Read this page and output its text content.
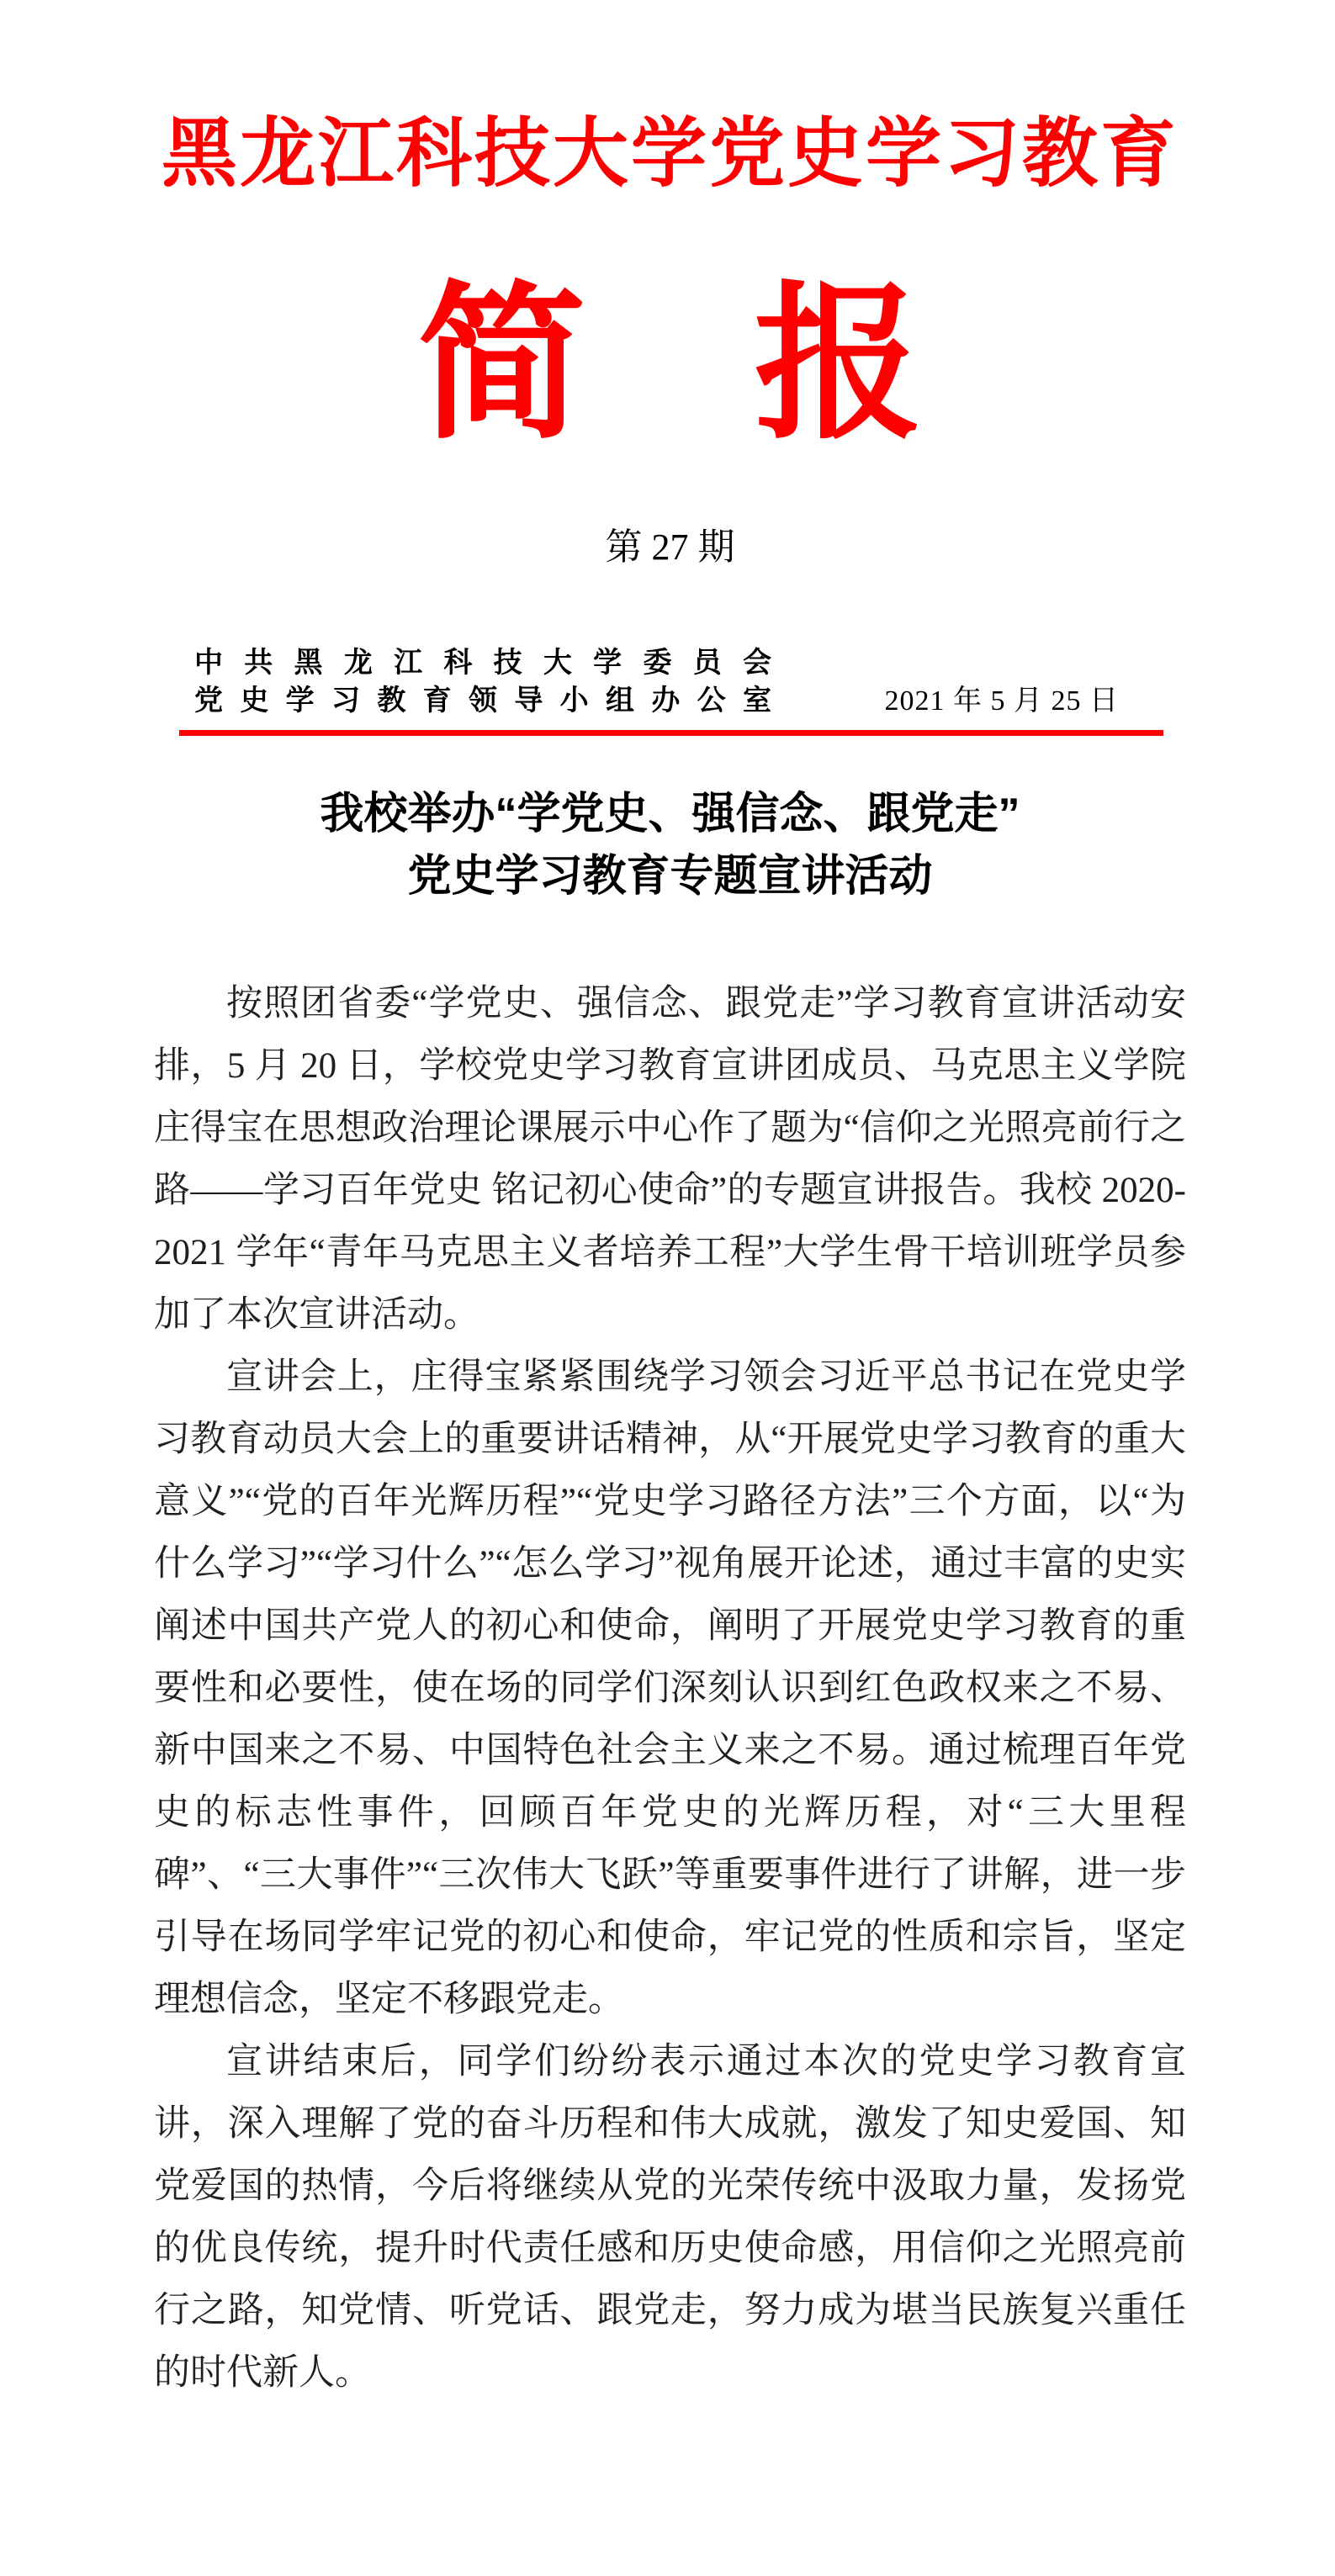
黑龙江科技大学党史学习教育
简　报
第 27 期
中共黑龙江科技大学委员会
党史学习教育领导小组办公室	2021 年 5 月 25 日
我校举办“学党史、强信念、跟党走”
党史学习教育专题宣讲活动

按照团省委“学党史、强信念、跟党走”学习教育宣讲活动安排，5 月 20 日，学校党史学习教育宣讲团成员、马克思主义学院庄得宝在思想政治理论课展示中心作了题为“信仰之光照亮前行之路——学习百年党史 铭记初心使命”的专题宣讲报告。我校 2020-2021 学年“青年马克思主义者培养工程”大学生骨干培训班学员参加了本次宣讲活动。

宣讲会上，庄得宝紧紧围绕学习领会习近平总书记在党史学习教育动员大会上的重要讲话精神，从“开展党史学习教育的重大意义”“党的百年光辉历程”“党史学习路径方法”三个方面，以“为什么学习”“学习什么”“怎么学习”视角展开论述，通过丰富的史实阐述中国共产党人的初心和使命，阐明了开展党史学习教育的重要性和必要性，使在场的同学们深刻认识到红色政权来之不易、新中国来之不易、中国特色社会主义来之不易。通过梳理百年党史的标志性事件，回顾百年党史的光辉历程，对“三大里程碑”、“三大事件”“三次伟大飞跃”等重要事件进行了讲解，进一步引导在场同学牢记党的初心和使命，牢记党的性质和宗旨，坚定理想信念，坚定不移跟党走。

宣讲结束后，同学们纷纷表示通过本次的党史学习教育宣讲，深入理解了党的奋斗历程和伟大成就，激发了知史爱国、知党爱国的热情，今后将继续从党的光荣传统中汲取力量，发扬党的优良传统，提升时代责任感和历史使命感，用信仰之光照亮前行之路，知党情、听党话、跟党走，努力成为堪当民族复兴重任的时代新人。
